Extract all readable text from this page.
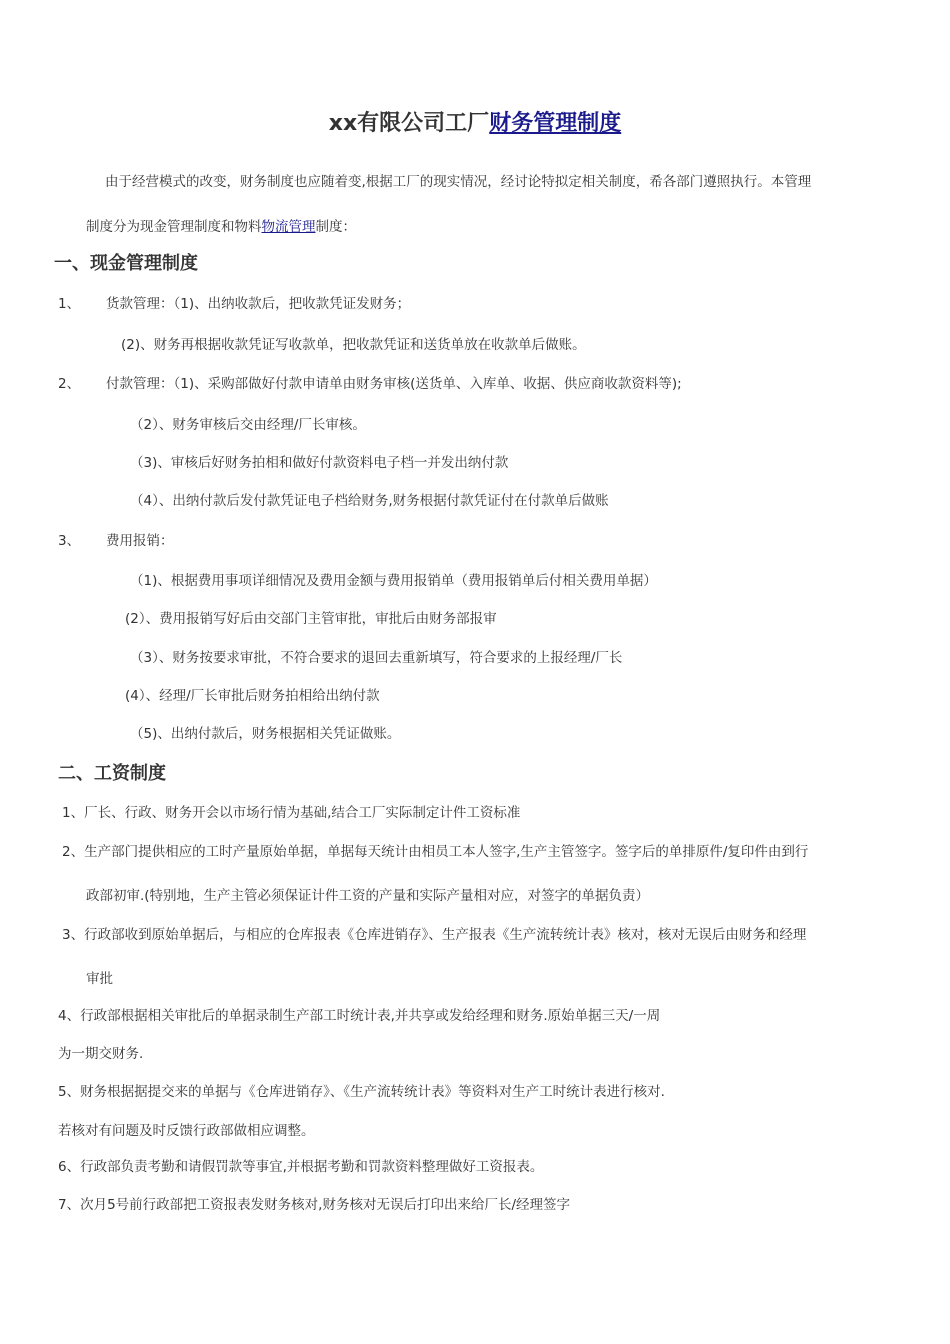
xx有限公司工厂财务管理制度
由于经营模式的改变，财务制度也应随着变,根据工厂的现实情况，经讨论特拟定相关制度，希各部门遵照执行。本管理
制度分为现金管理制度和物料物流管理制度：
一、现金管理制度
1、 货款管理：（1)、出纳收款后，把收款凭证发财务；
(2)、财务再根据收款凭证写收款单，把收款凭证和送货单放在收款单后做账。
2、 付款管理：（1)、采购部做好付款申请单由财务审核(送货单、入库单、收据、供应商收款资料等);
（2）、财务审核后交由经理/厂长审核。
（3)、审核后好财务拍相和做好付款资料电子档一并发出纳付款
（4）、出纳付款后发付款凭证电子档给财务,财务根据付款凭证付在付款单后做账
3、 费用报销：
（1)、根据费用事项详细情况及费用金额与费用报销单（费用报销单后付相关费用单据）
(2）、费用报销写好后由交部门主管审批，审批后由财务部报审
（3）、财务按要求审批，不符合要求的退回去重新填写，符合要求的上报经理/厂长
(4）、经理/厂长审批后财务拍相给出纳付款
（5)、出纳付款后，财务根据相关凭证做账。
二、工资制度
1、厂长、行政、财务开会以市场行情为基础,结合工厂实际制定计件工资标准
2、生产部门提供相应的工时产量原始单据，单据每天统计由相员工本人签字,生产主管签字。签字后的单排原件/复印件由到行
政部初审.(特别地，生产主管必须保证计件工资的产量和实际产量相对应，对签字的单据负责）
3、行政部收到原始单据后，与相应的仓库报表《仓库进销存》、生产报表《生产流转统计表》核对，核对无误后由财务和经理
审批
4、行政部根据相关审批后的单据录制生产部工时统计表,并共享或发给经理和财务.原始单据三天/一周
为一期交财务.
5、财务根据据提交来的单据与《仓库进销存》、《生产流转统计表》等资料对生产工时统计表进行核对.
若核对有问题及时反馈行政部做相应调整。
6、行政部负责考勤和请假罚款等事宜,并根据考勤和罚款资料整理做好工资报表。
7、次月5号前行政部把工资报表发财务核对,财务核对无误后打印出来给厂长/经理签字
